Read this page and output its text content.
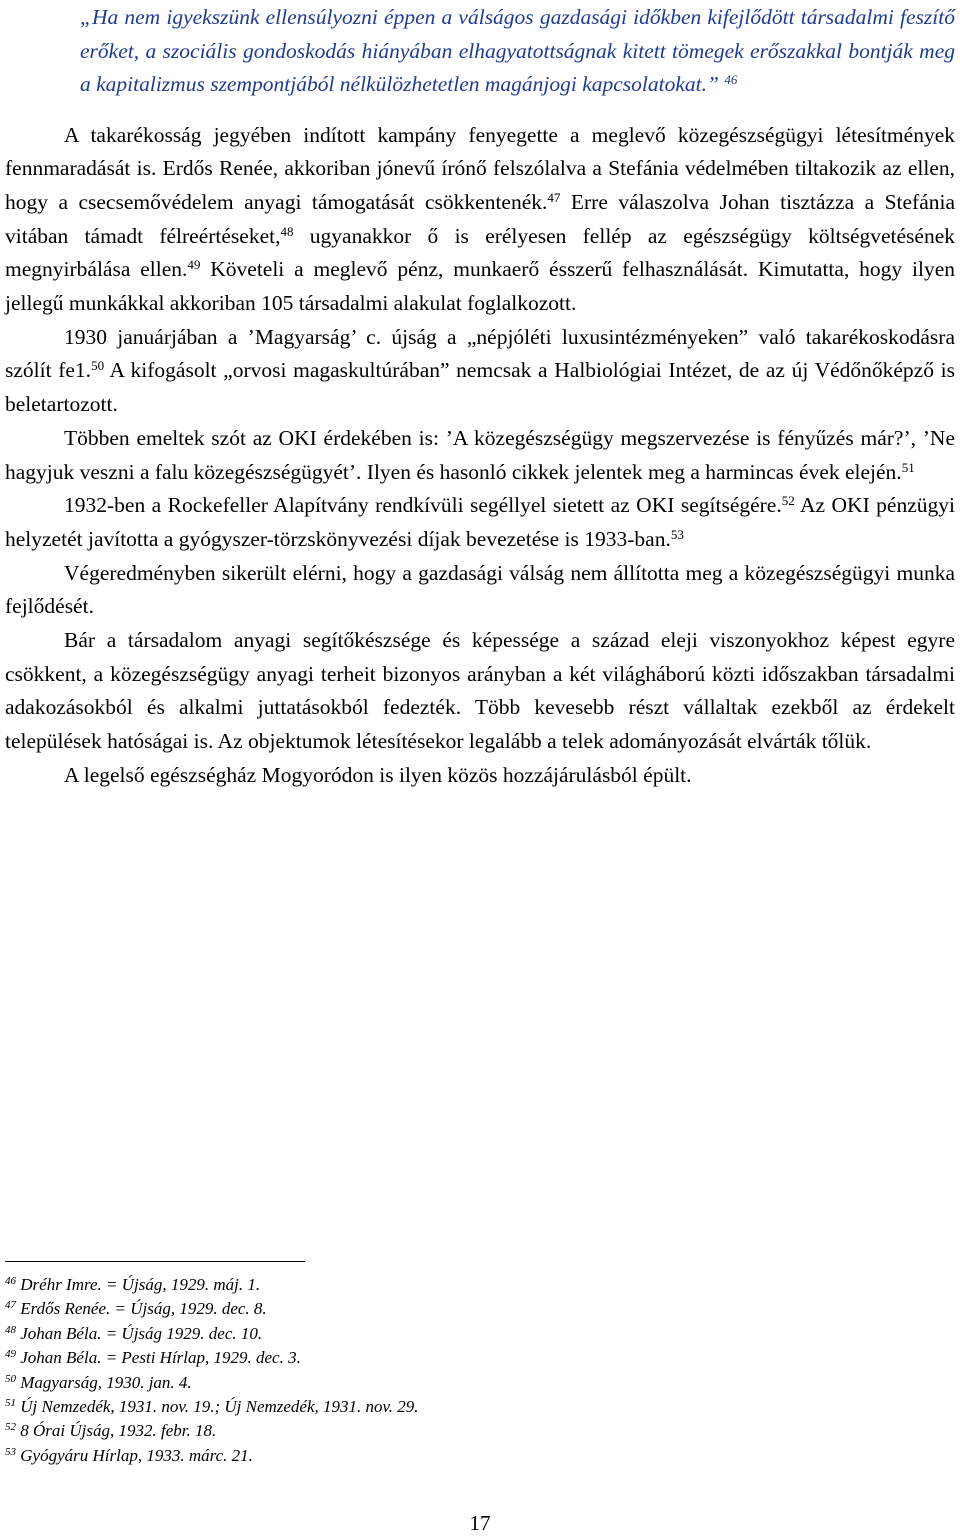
„Ha nem igyekszünk ellensúlyozni éppen a válságos gazdasági időkben kifejlődött társadalmi feszítő erőket, a szociális gondoskodás hiányában elhagyatottságnak kitett tömegek erőszakkal bontják meg a kapitalizmus szempontjából nélkülözhetetlen magánjogi kapcsolatokat.” $^{46}$

A takarékosság jegyében indított kampány fenyegette a meglevő közegészségügyi létesítmények fennmaradását is. Erdős Renée, akkoriban jónevű írónő felszólalva a Stefánia védelmében tiltakozik az ellen, hogy a csecsemővédelem anyagi támogatását csökkentenék.$^{47}$ Erre válaszolva Johan tisztázza a Stefánia vitában támadt félreértéseket,$^{48}$ ugyanakkor ő is erélyesen fellép az egészségügy költségvetésének megnyirbálása ellen.$^{49}$ Követeli a meglevő pénz, munkaerő ésszerű felhasználását. Kimutatta, hogy ilyen jellegű munkákkal akkoriban 105 társadalmi alakulat foglalkozott.

1930 januárjában a ’Magyarság’ c. újság a „népjóléti luxusintézményeken” való takarékoskodásra szólít fe1.50 A kifogásolt „orvosi magaskultúrában” nemcsak a Halbiológiai Intézet, de az új Védőnőképző is beletartozott.

Többen emeltek szót az OKI érdekében is: ’A közegészségügy megszervezése is fényűzés már?’, ’Ne hagyjuk veszni a falu közegészségügyét’. Ilyen és hasonló cikkek jelentek meg a harmincas évek elején.$^{51}$

1932-ben a Rockefeller Alapítvány rendkívüli segéllyel sietett az OKI segítségére.$^{52}$ Az OKI pénzügyi helyzetét javította a gyógyszer-törzskönyvezési díjak bevezetése is 1933-ban.$^{53}$

Végeredményben sikerült elérni, hogy a gazdasági válság nem állította meg a közegészségügyi munka fejlődését.

Bár a társadalom anyagi segítőkészsége és képessége a század eleji viszonyokhoz képest egyre csökkent, a közegészségügy anyagi terheit bizonyos arányban a két világháború közti időszakban társadalmi adakozásokból és alkalmi juttatásokból fedezték. Több kevesebb részt vállaltak ezekből az érdekelt települések hatóságai is. Az objektumok létesítésekor legalább a telek adományozását elvárták tőlük.

A legelső egészségház Mogyoródon is ilyen közös hozzájárulásból épült.

$^{46}$ Dréhr Imre. = Újság, 1929. máj. 1.
$^{47}$ Erdős Renée. = Újság, 1929. dec. 8.
$^{48}$ Johan Béla. = Újság 1929. dec. 10.
$^{49}$ Johan Béla. = Pesti Hírlap, 1929. dec. 3.
$^{50}$ Magyarság, 1930. jan. 4.
$^{51}$ Új Nemzedék, 1931. nov. 19.; Új Nemzedék, 1931. nov. 29.
$^{52}$ 8 Órai Újság, 1932. febr. 18.
$^{53}$ Gyógyáru Hírlap, 1933. márc. 21.
17
